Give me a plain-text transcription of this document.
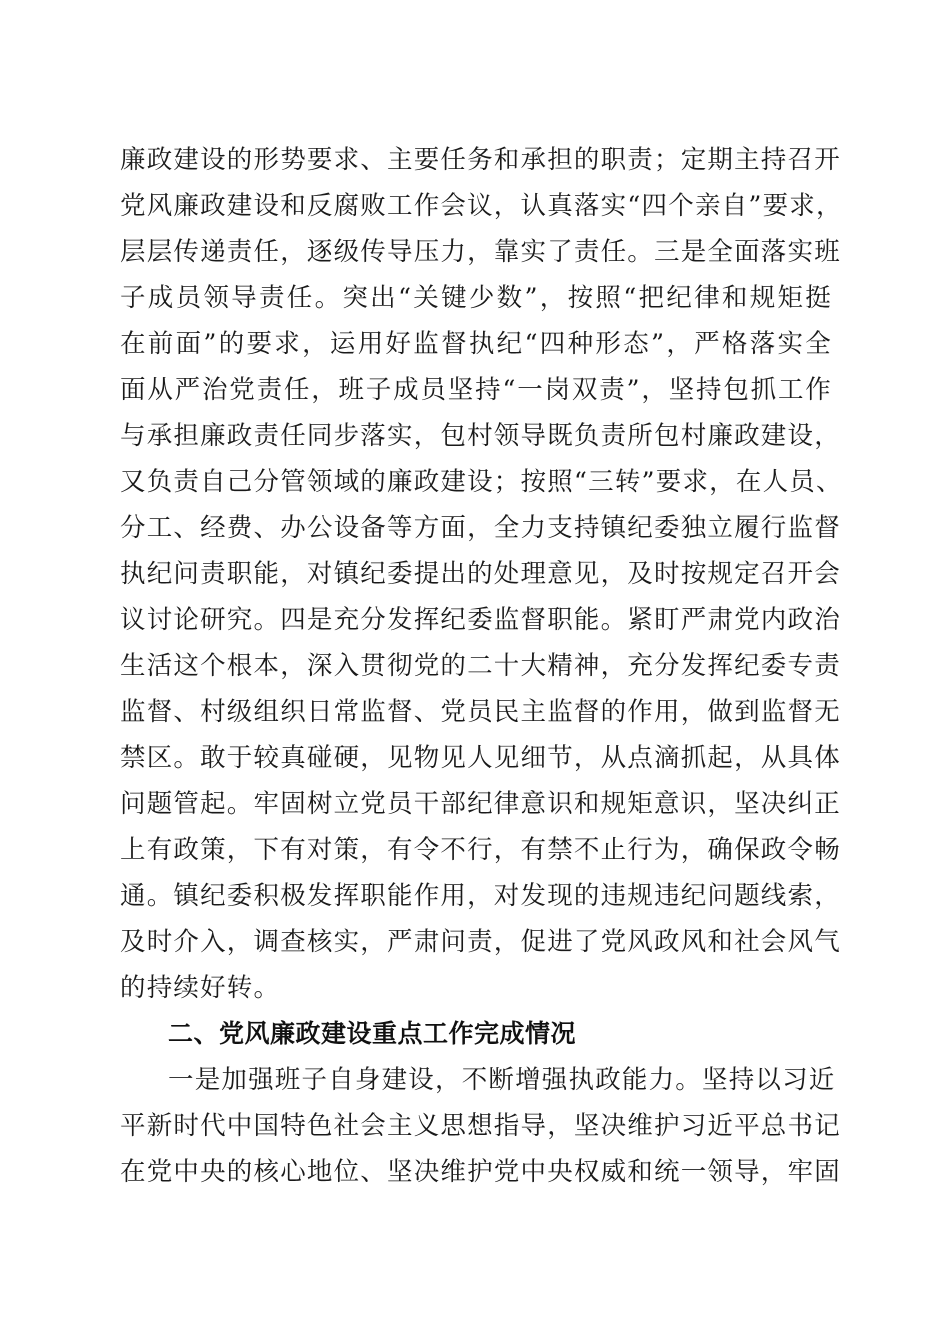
廉政建设的形势要求、主要任务和承担的职责；定期主持召开
党风廉政建设和反腐败工作会议，认真落实“四个亲自”要求，
层层传递责任，逐级传导压力，靠实了责任。三是全面落实班
子成员领导责任。突出“关键少数”，按照“把纪律和规矩挺
在前面”的要求，运用好监督执纪“四种形态”，严格落实全
面从严治党责任，班子成员坚持“一岗双责”，坚持包抓工作
与承担廉政责任同步落实，包村领导既负责所包村廉政建设，
又负责自己分管领域的廉政建设；按照“三转”要求，在人员、
分工、经费、办公设备等方面，全力支持镇纪委独立履行监督
执纪问责职能，对镇纪委提出的处理意见，及时按规定召开会
议讨论研究。四是充分发挥纪委监督职能。紧盯严肃党内政治
生活这个根本，深入贯彻党的二十大精神，充分发挥纪委专责
监督、村级组织日常监督、党员民主监督的作用，做到监督无
禁区。敢于较真碰硬，见物见人见细节，从点滴抓起，从具体
问题管起。牢固树立党员干部纪律意识和规矩意识，坚决纠正
上有政策，下有对策，有令不行，有禁不止行为，确保政令畅
通。镇纪委积极发挥职能作用，对发现的违规违纪问题线索，
及时介入，调查核实，严肃问责，促进了党风政风和社会风气
的持续好转。
二、党风廉政建设重点工作完成情况
一是加强班子自身建设，不断增强执政能力。坚持以习近
平新时代中国特色社会主义思想指导，坚决维护习近平总书记
在党中央的核心地位、坚决维护党中央权威和统一领导，牢固
